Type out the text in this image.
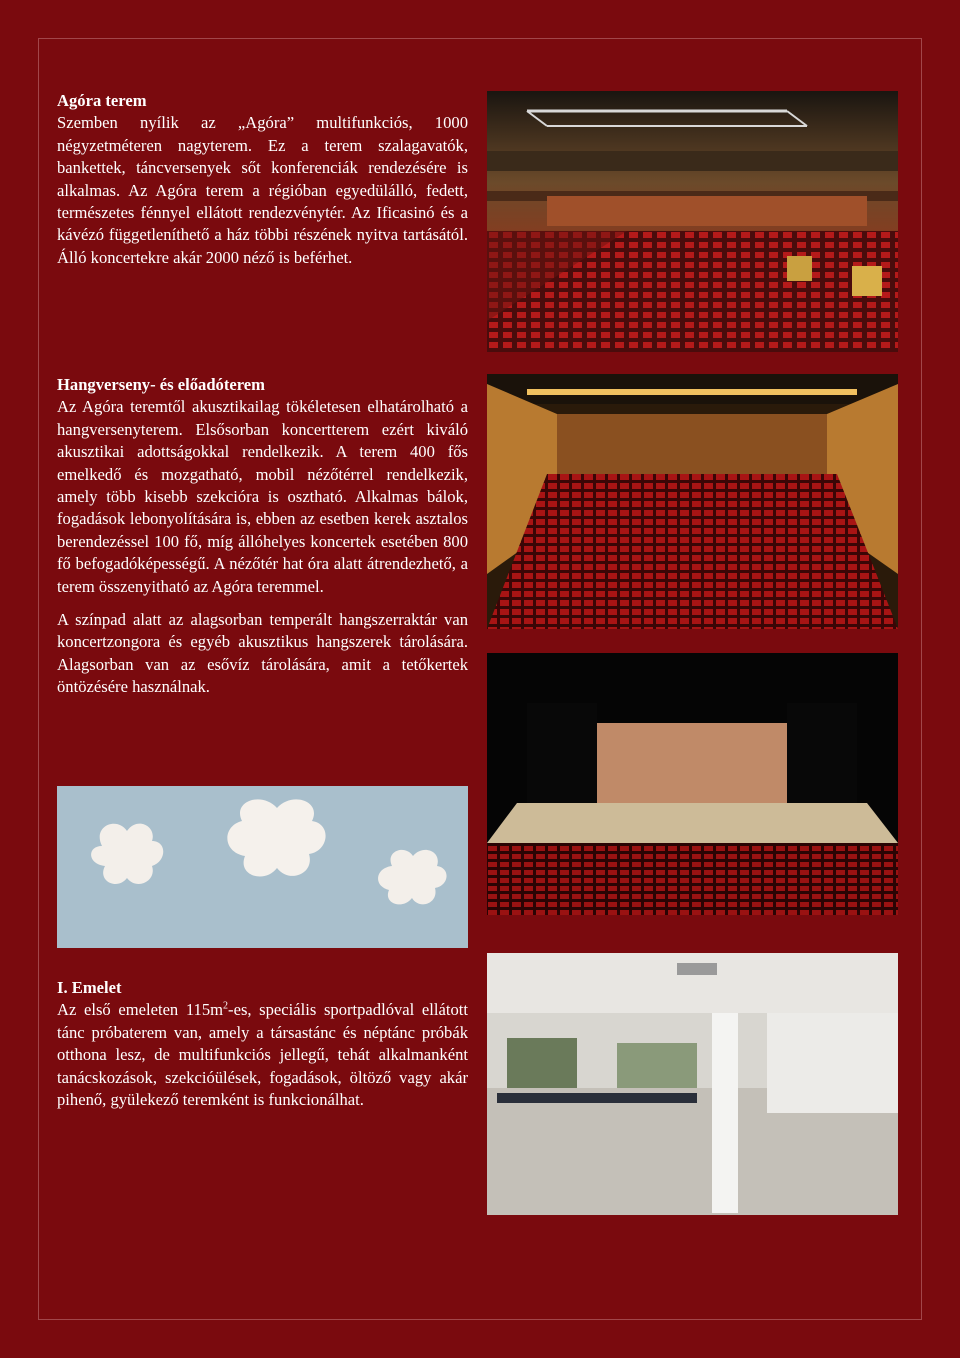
Agóra terem

Szemben nyílik az „Agóra” multifunkciós, 1000 négyzetméteren nagyterem. Ez a terem szalagavatók, bankettek, táncversenyek sőt konferenciák rendezésére is alkalmas. Az Agóra terem a régióban egyedülálló, fedett, természetes fénnyel ellátott rendezvénytér. Az Ificasinó és a kávézó függetleníthető a ház többi részének nyitva tartásától. Álló koncertekre akár 2000 néző is beférhet.

Hangverseny- és előadóterem

Az Agóra teremtől akusztikailag tökéletesen elhatárolható a hangversenyterem. Elsősorban koncertterem ezért kiváló akusztikai adottságokkal rendelkezik. A terem 400 fős emelkedő és mozgatható, mobil nézőtérrel rendelkezik, amely több kisebb szekcióra is osztható. Alkalmas bálok, fogadások lebonyolítására is, ebben az esetben kerek asztalos berendezéssel 100 fő, míg állóhelyes koncertek esetében 800 fő befogadóképességű. A nézőtér hat óra alatt átrendezhető, a terem összenyitható az Agóra teremmel.

A színpad alatt az alagsorban temperált hangszerraktár van koncertzongora és egyéb akusztikus hangszerek tárolására. Alagsorban van az esővíz tárolására, amit a tetőkertek öntözésére használnak.

I. Emelet

Az első emeleten $115m^2-es$, speciális sportpadlóval ellátott tánc próbaterem van, amely a társastánc és néptánc próbák otthona lesz, de multifunkciós jellegű, tehát alkalmanként tanácskozások, szekcióülések, fogadások, öltöző vagy akár pihenő, gyülekező teremként is funkcionálhat.
